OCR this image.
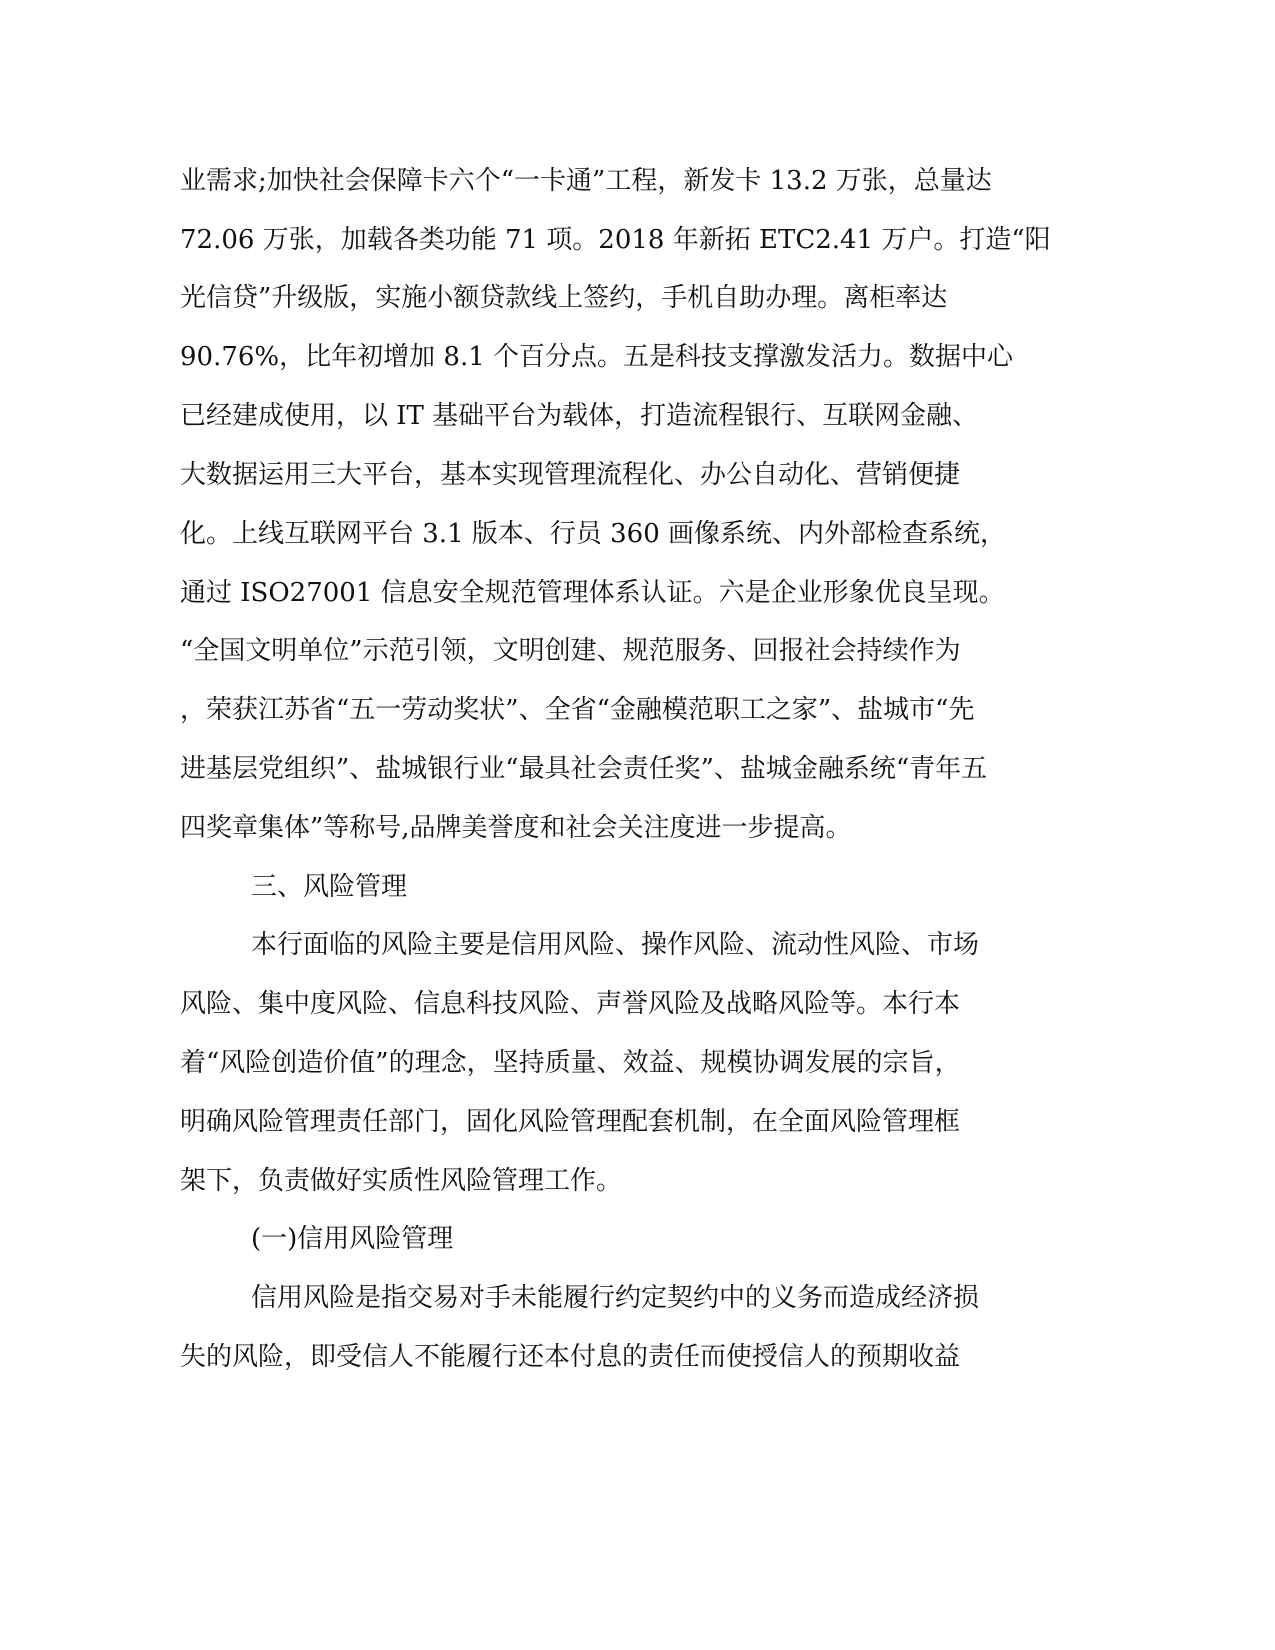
业需求;加快社会保障卡六个“一卡通”工程，新发卡 13.2 万张，总量达
72.06 万张，加载各类功能 71 项。2018 年新拓 ETC2.41 万户。打造“阳
光信贷”升级版，实施小额贷款线上签约，手机自助办理。离柜率达
90.76%，比年初增加 8.1 个百分点。五是科技支撑激发活力。数据中心
已经建成使用，以 IT 基础平台为载体，打造流程银行、互联网金融、
大数据运用三大平台，基本实现管理流程化、办公自动化、营销便捷
化。上线互联网平台 3.1 版本、行员 360 画像系统、内外部检查系统，
通过 ISO27001 信息安全规范管理体系认证。六是企业形象优良呈现。
“全国文明单位”示范引领，文明创建、规范服务、回报社会持续作为
，荣获江苏省“五一劳动奖状”、全省“金融模范职工之家”、盐城市“先
进基层党组织”、盐城银行业“最具社会责任奖”、盐城金融系统“青年五
四奖章集体”等称号,品牌美誉度和社会关注度进一步提高。
三、风险管理
本行面临的风险主要是信用风险、操作风险、流动性风险、市场
风险、集中度风险、信息科技风险、声誉风险及战略风险等。本行本
着“风险创造价值”的理念，坚持质量、效益、规模协调发展的宗旨，
明确风险管理责任部门，固化风险管理配套机制，在全面风险管理框
架下，负责做好实质性风险管理工作。
(一)信用风险管理
信用风险是指交易对手未能履行约定契约中的义务而造成经济损
失的风险，即受信人不能履行还本付息的责任而使授信人的预期收益
